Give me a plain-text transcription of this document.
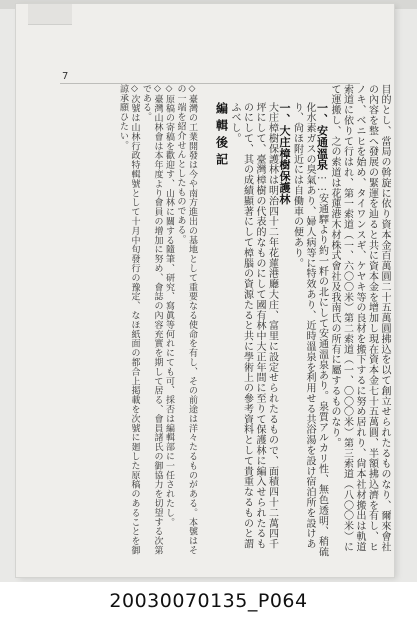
7

目的とし、當局の斡旋に依り資本金百萬圓二十五萬圓拂込を以て創立せられたるものなり、爾來會社の內容を整へ發展の緊運を辿ると共に資本金を增加し現在資本金七十五萬圓、半額拂込濟を有し、ヒノキ、ベニヒを始め、タイワンスギ、ケヤキ等の良材を搬下するに努め居れり、尙本社材搬出は軌道索道に依りて行はれ、第一索道（一、六〇〇米）第二索道（一、〇〇〇米）第三索道（八〇〇米）にて運搬し、之の索道は花蓮港木材株式會社及我南氏の所有に屬するものなり。

一、安通溫泉……安通驛より約一粁の北にして安通溫泉あり。泉質アルカリ性、無色透明、稍硫化水素ガスの臭氣あり、婦人病等に特效あり、近時溫泉を利用せる共浴湯を設け宿泊所を設けあり、尙ほ附近には自働車の便あり。
一、大庄樟樹保護林

大庄樟樹保護林は明治四十二年花蓮港廳大庄、富里に設定せられたるもので、面積四十二萬四千坪にして、臺灣樟樹の代表的なものにして國有林中大正年間に至りて保護林に編入せられたるものにして、其の成績顯著にして樟腦の資源たると共に學術上の參考資料として貴重なるものと謂ふべし。

編輯後記

◇臺灣の工業開發は今や南方進出の基地として重要なる使命を有し、その前途は洋々たるものがある。本號はその一端を紹介せんとしたものである。

◇原稿の寄稿を歡迎す、山林に關する隨筆、研究、寫眞等何れにても可、採否は編輯部に一任されたし。

◇臺灣山林會は本年度より會員の增加に努め、會誌の內容充實を期して居る、會員諸氏の御協力を切望する次第である。

◇次號は山林行政特輯號として十月中旬發行の豫定、なほ紙面の都合上掲載を次號に廻した原稿のあることを御諒承願ひたい。

20030070135_P064
